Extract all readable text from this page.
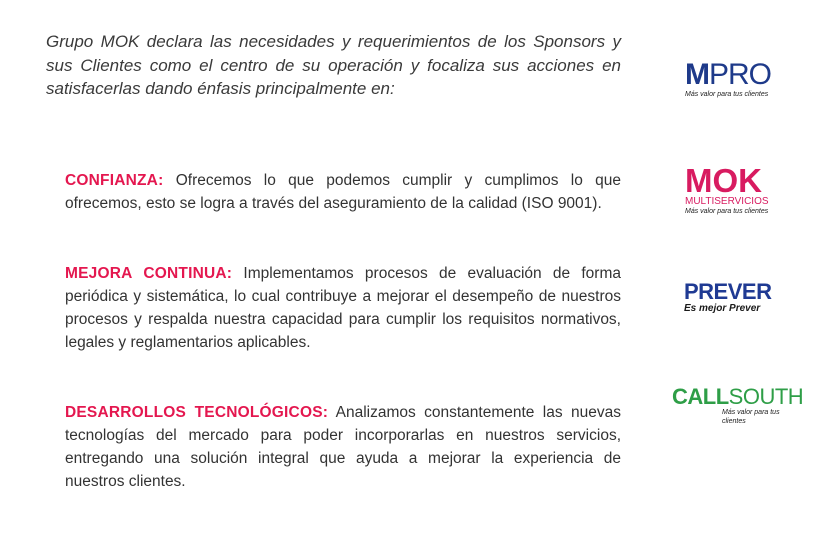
Grupo MOK declara las necesidades y requerimientos de los Sponsors y sus Clientes como el centro de su operación y focaliza sus acciones en satisfacerlas dando énfasis principalmente en:

CONFIANZA: Ofrecemos lo que podemos cumplir y cumplimos lo que ofrecemos, esto se logra a través del aseguramiento de la calidad (ISO 9001).

MEJORA CONTINUA: Implementamos procesos de evaluación de forma periódica y sistemática, lo cual contribuye a mejorar el desempeño de nuestros procesos y respalda nuestra capacidad para cumplir los requisitos normativos, legales y reglamentarios aplicables.

DESARROLLOS TECNOLÓGICOS: Analizamos constantemente las nuevas tecnologías del mercado para poder incorporarlas en nuestros servicios, entregando una solución integral que ayuda a mejorar la experiencia de nuestros clientes.

MPRO
Más valor para tus clientes
MOK
MULTISERVICIOS
Más valor para tus clientes
PREVER
Es mejor Prever
CALLSOUTH
Más valor para tus clientes
